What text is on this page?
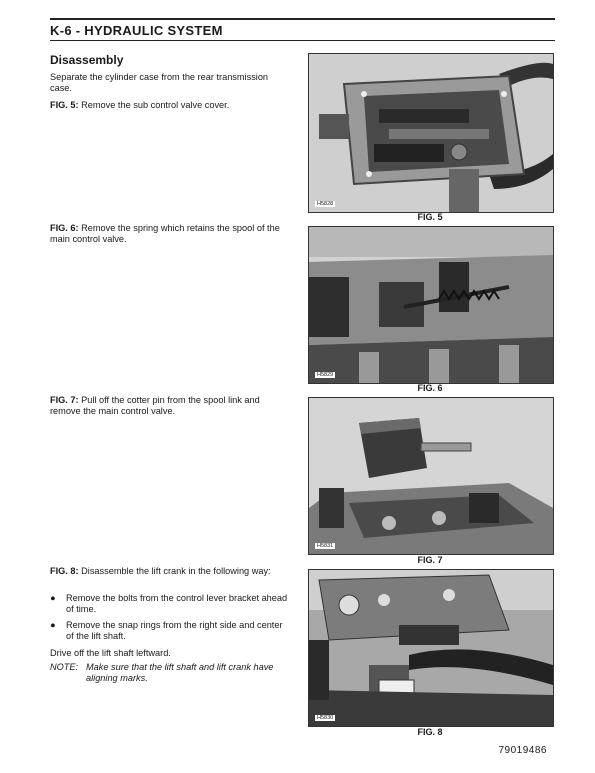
K-6 - HYDRAULIC SYSTEM
Disassembly
Separate the cylinder case from the rear transmission case.
FIG. 5: Remove the sub control valve cover.
FIG. 6: Remove the spring which retains the spool of the main control valve.
FIG. 7: Pull off the cotter pin from the spool link and remove the main control valve.
FIG. 8: Disassemble the lift crank in the following way:
●	Remove the bolts from the control lever bracket ahead of time.
●	Remove the snap rings from the right side and center of the lift shaft.
Drive off the lift shaft leftward.
NOTE: Make sure that the lift shaft and lift crank have aligning marks.
H5828
FIG. 5
H5829
FIG. 6
H5831
FIG. 7
H5830
FIG. 8
79019486
